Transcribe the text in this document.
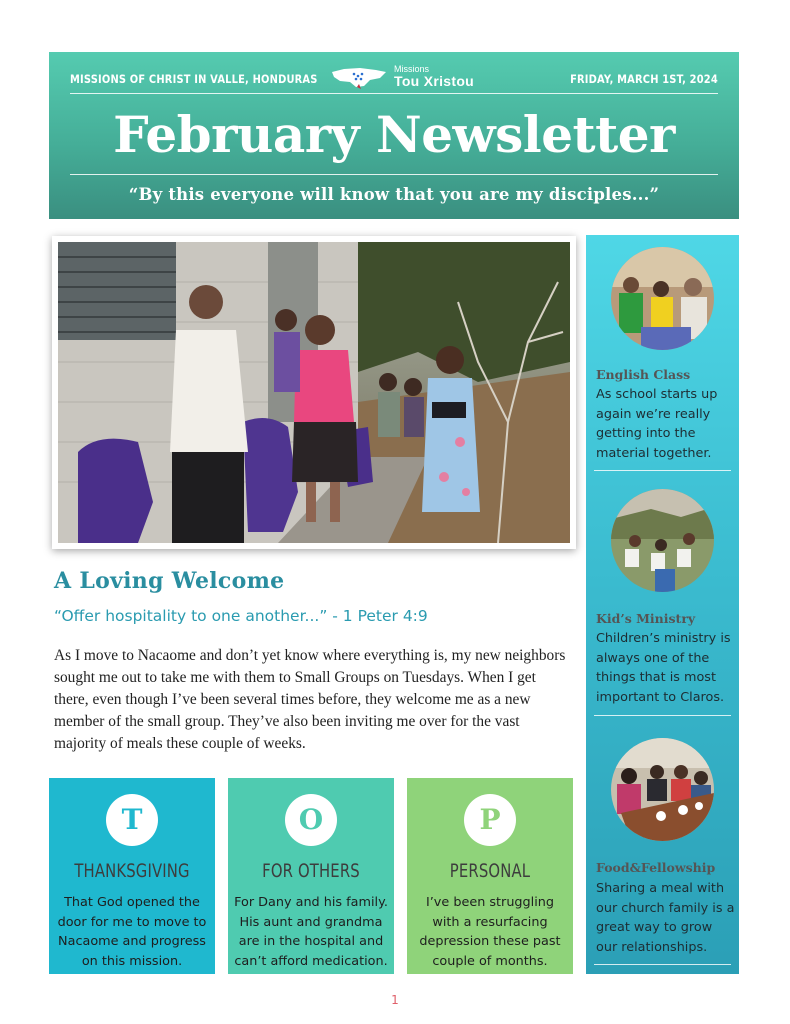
MISSIONS OF CHRIST IN VALLE, HONDURAS
Missions
Tou Xristou	FRIDAY, MARCH 1ST, 2024
February Newsletter
“By this everyone will know that you are my disciples...”
A Loving Welcome
“Offer hospitality to one another...” - 1 Peter 4:9
As I move to Nacaome and don’t yet know where everything is, my new neighbors sought me out to take me with them to Small Groups on Tuesdays. When I get there, even though I’ve been several times before, they welcome me as a new member of the small group. They’ve also been inviting me over for the vast majority of meals these couple of weeks.
T
THANKSGIVING
That God opened the door for me to move to Nacaome and progress on this mission.
O
FOR OTHERS
For Dany and his family. His aunt and grandma are in the hospital and can’t afford medication.
P
PERSONAL
I’ve been struggling with a resurfacing depression these past couple of months.
English Class
As school starts up again we’re really getting into the material together.
Kid’s Ministry
Children’s ministry is always one of the things that is most important to Claros.
Food&Fellowship
Sharing a meal with our church family is a great way to grow our relationships.
1
